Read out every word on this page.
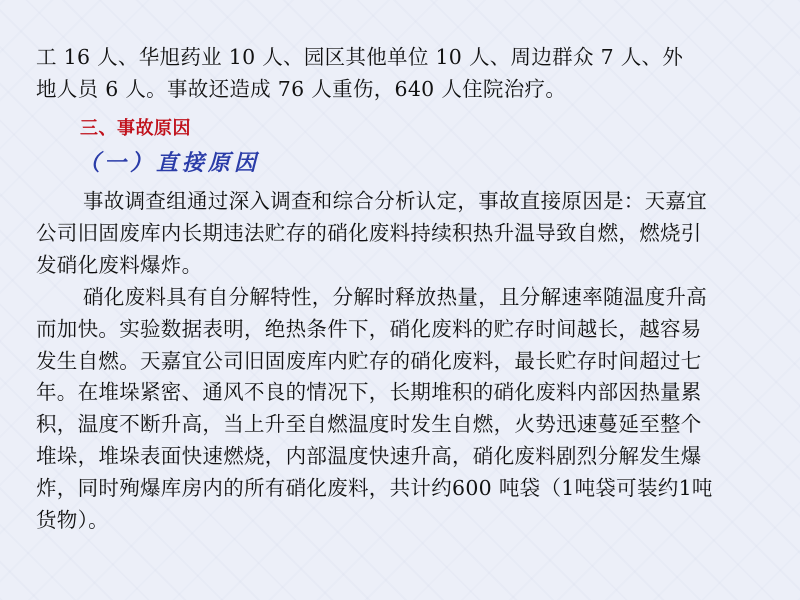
工 16 人、华旭药业 10 人、园区其他单位 10 人、周边群众 7 人、外
地人员 6 人。事故还造成 76 人重伤，640 人住院治疗。
三、事故原因
（一）直接原因
事故调查组通过深入调查和综合分析认定，事故直接原因是：天嘉宜
公司旧固废库内长期违法贮存的硝化废料持续积热升温导致自燃，燃烧引
发硝化废料爆炸。
硝化废料具有自分解特性，分解时释放热量，且分解速率随温度升高
而加快。实验数据表明，绝热条件下，硝化废料的贮存时间越长，越容易
发生自燃。天嘉宜公司旧固废库内贮存的硝化废料，最长贮存时间超过七
年。在堆垛紧密、通风不良的情况下，长期堆积的硝化废料内部因热量累
积，温度不断升高，当上升至自燃温度时发生自燃，火势迅速蔓延至整个
堆垛，堆垛表面快速燃烧，内部温度快速升高，硝化废料剧烈分解发生爆
炸，同时殉爆库房内的所有硝化废料，共计约600 吨袋（1吨袋可装约1吨
货物）。
